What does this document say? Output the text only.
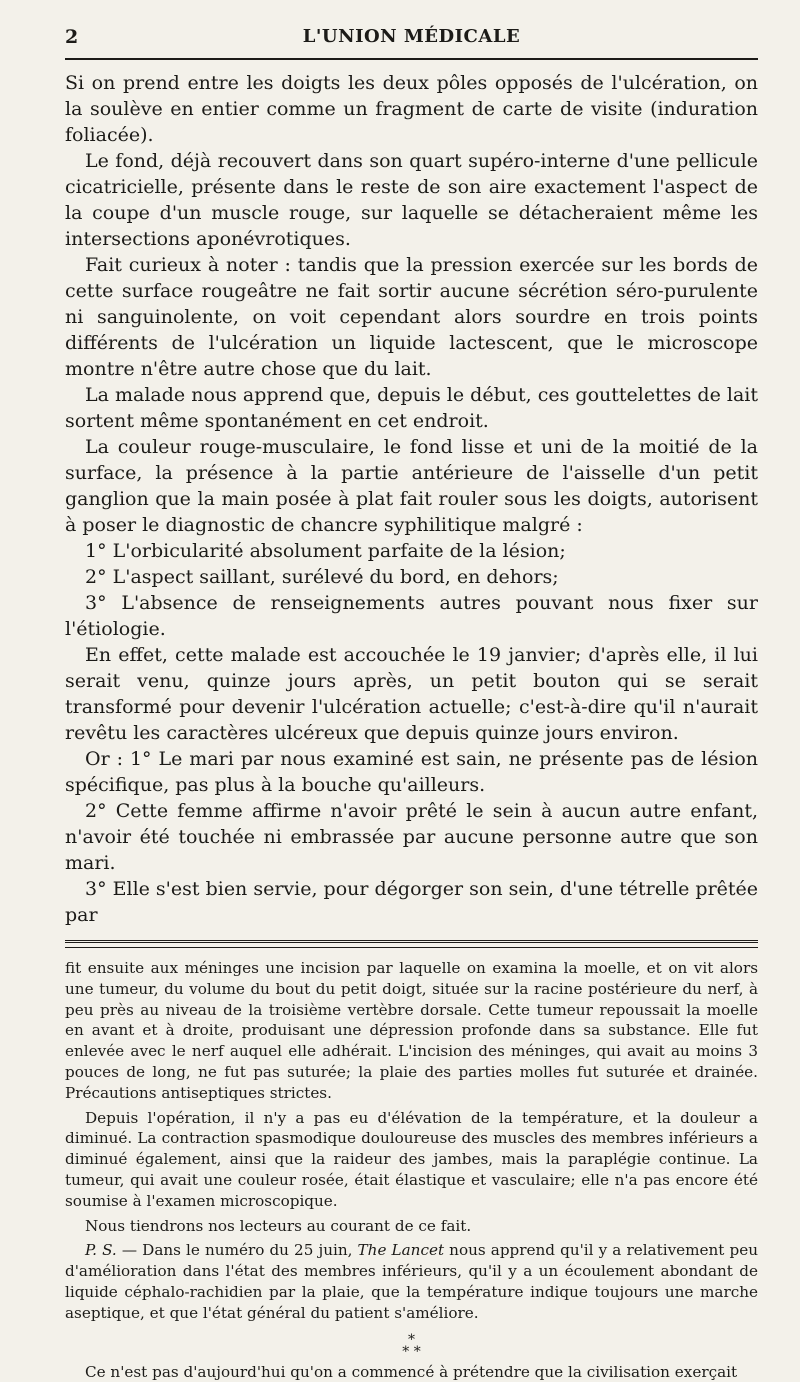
2	L'UNION MÉDICALE

Si on prend entre les doigts les deux pôles opposés de l'ulcération, on la soulève en entier comme un fragment de carte de visite (induration foliacée).

Le fond, déjà recouvert dans son quart supéro-interne d'une pellicule cicatricielle, présente dans le reste de son aire exactement l'aspect de la coupe d'un muscle rouge, sur laquelle se détacheraient même les intersections aponévrotiques.

Fait curieux à noter : tandis que la pression exercée sur les bords de cette surface rougeâtre ne fait sortir aucune sécrétion séro-purulente ni sanguinolente, on voit cependant alors sourdre en trois points différents de l'ulcération un liquide lactescent, que le microscope montre n'être autre chose que du lait.

La malade nous apprend que, depuis le début, ces gouttelettes de lait sortent même spontanément en cet endroit.

La couleur rouge-musculaire, le fond lisse et uni de la moitié de la surface, la présence à la partie antérieure de l'aisselle d'un petit ganglion que la main posée à plat fait rouler sous les doigts, autorisent à poser le diagnostic de chancre syphilitique malgré :

1° L'orbicularité absolument parfaite de la lésion;

2° L'aspect saillant, surélevé du bord, en dehors;

3° L'absence de renseignements autres pouvant nous fixer sur l'étiologie.

En effet, cette malade est accouchée le 19 janvier; d'après elle, il lui serait venu, quinze jours après, un petit bouton qui se serait transformé pour devenir l'ulcération actuelle; c'est-à-dire qu'il n'aurait revêtu les caractères ulcéreux que depuis quinze jours environ.

Or : 1° Le mari par nous examiné est sain, ne présente pas de lésion spécifique, pas plus à la bouche qu'ailleurs.

2° Cette femme affirme n'avoir prêté le sein à aucun autre enfant, n'avoir été touchée ni embrassée par aucune personne autre que son mari.

3° Elle s'est bien servie, pour dégorger son sein, d'une tétrelle prêtée par

fit ensuite aux méninges une incision par laquelle on examina la moelle, et on vit alors une tumeur, du volume du bout du petit doigt, située sur la racine postérieure du nerf, à peu près au niveau de la troisième vertèbre dorsale. Cette tumeur repoussait la moelle en avant et à droite, produisant une dépression profonde dans sa substance. Elle fut enlevée avec le nerf auquel elle adhérait. L'incision des méninges, qui avait au moins 3 pouces de long, ne fut pas suturée; la plaie des parties molles fut suturée et drainée. Précautions antiseptiques strictes.

Depuis l'opération, il n'y a pas eu d'élévation de la température, et la douleur a diminué. La contraction spasmodique douloureuse des muscles des membres inférieurs a diminué également, ainsi que la raideur des jambes, mais la paraplégie continue. La tumeur, qui avait une couleur rosée, était élastique et vasculaire; elle n'a pas encore été soumise à l'examen microscopique.

Nous tiendrons nos lecteurs au courant de ce fait.

P. S. — Dans le numéro du 25 juin, The Lancet nous apprend qu'il y a relativement peu d'amélioration dans l'état des membres inférieurs, qu'il y a un écoulement abondant de liquide céphalo-rachidien par la plaie, que la température indique toujours une marche aseptique, et que l'état général du patient s'améliore.

*
* *

Ce n'est pas d'aujourd'hui qu'on a commencé à prétendre que la civilisation exerçait
